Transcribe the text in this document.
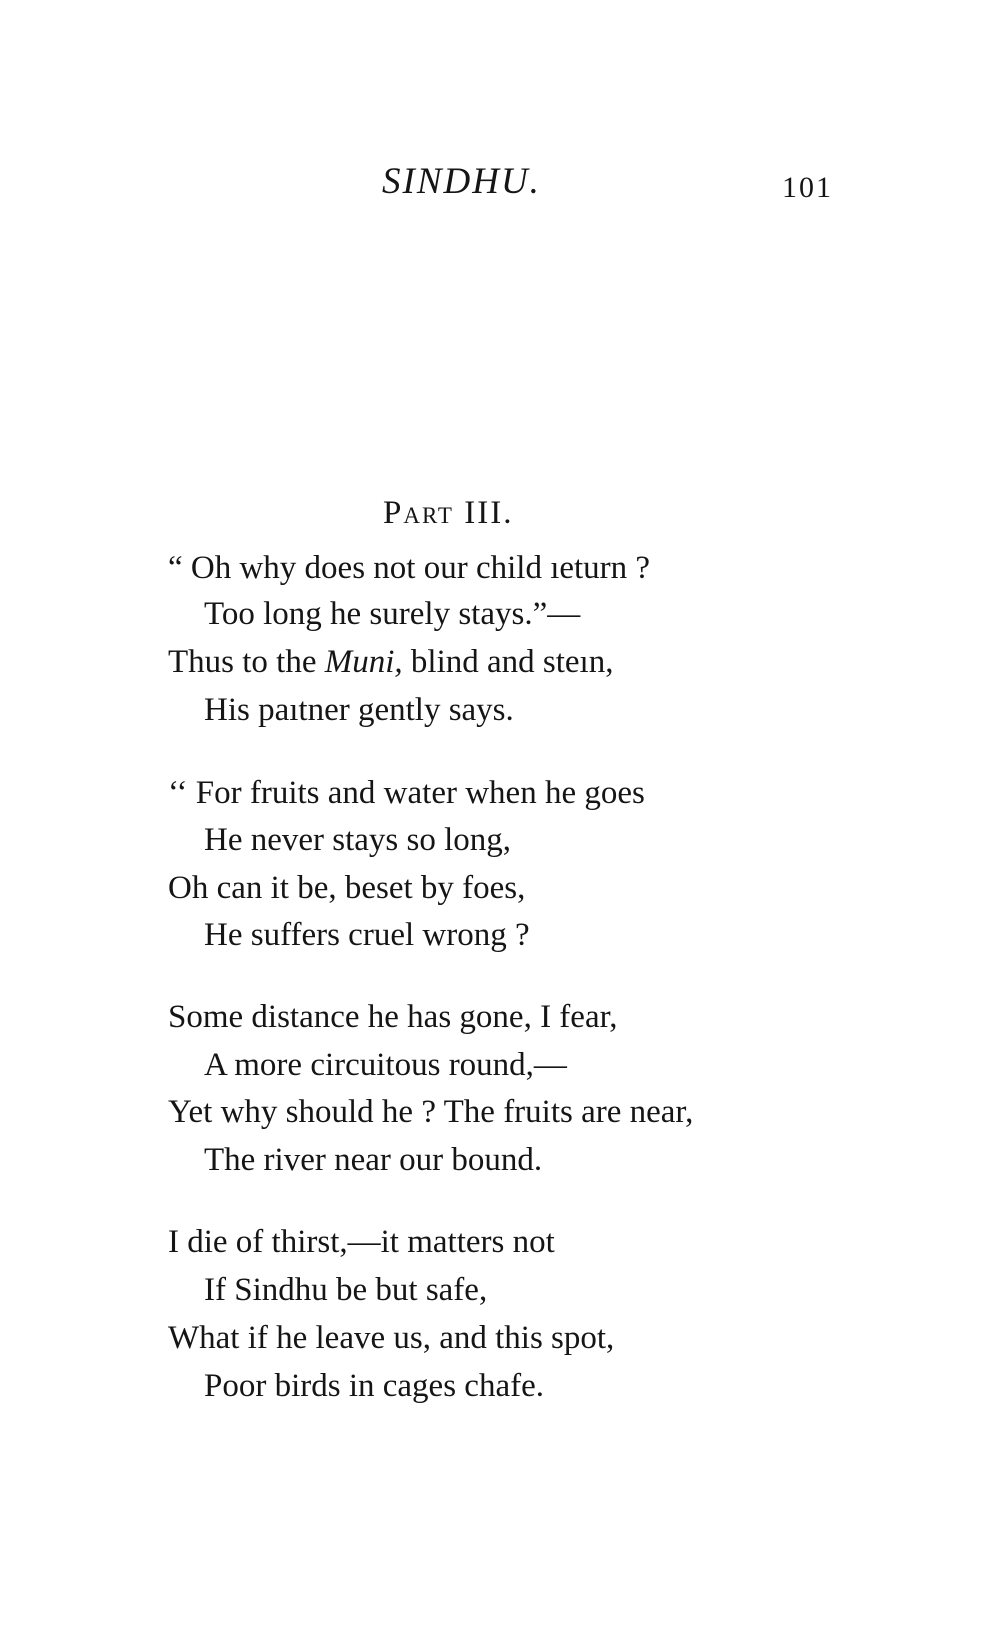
SINDHU.	101
Part III.
“ Oh why does not our child ıeturn ?
Too long he surely stays.”—
Thus to the Muni, blind and steın,
His paıtner gently says.
‘‘ For fruits and water when he goes
He never stays so long,
Oh can it be, beset by foes,
He suffers cruel wrong ?
Some distance he has gone, I fear,
A more circuitous round,—
Yet why should he ? The fruits are near,
The river near our bound.
I die of thirst,—it matters not
If Sindhu be but safe,
What if he leave us, and this spot,
Poor birds in cages chafe.
